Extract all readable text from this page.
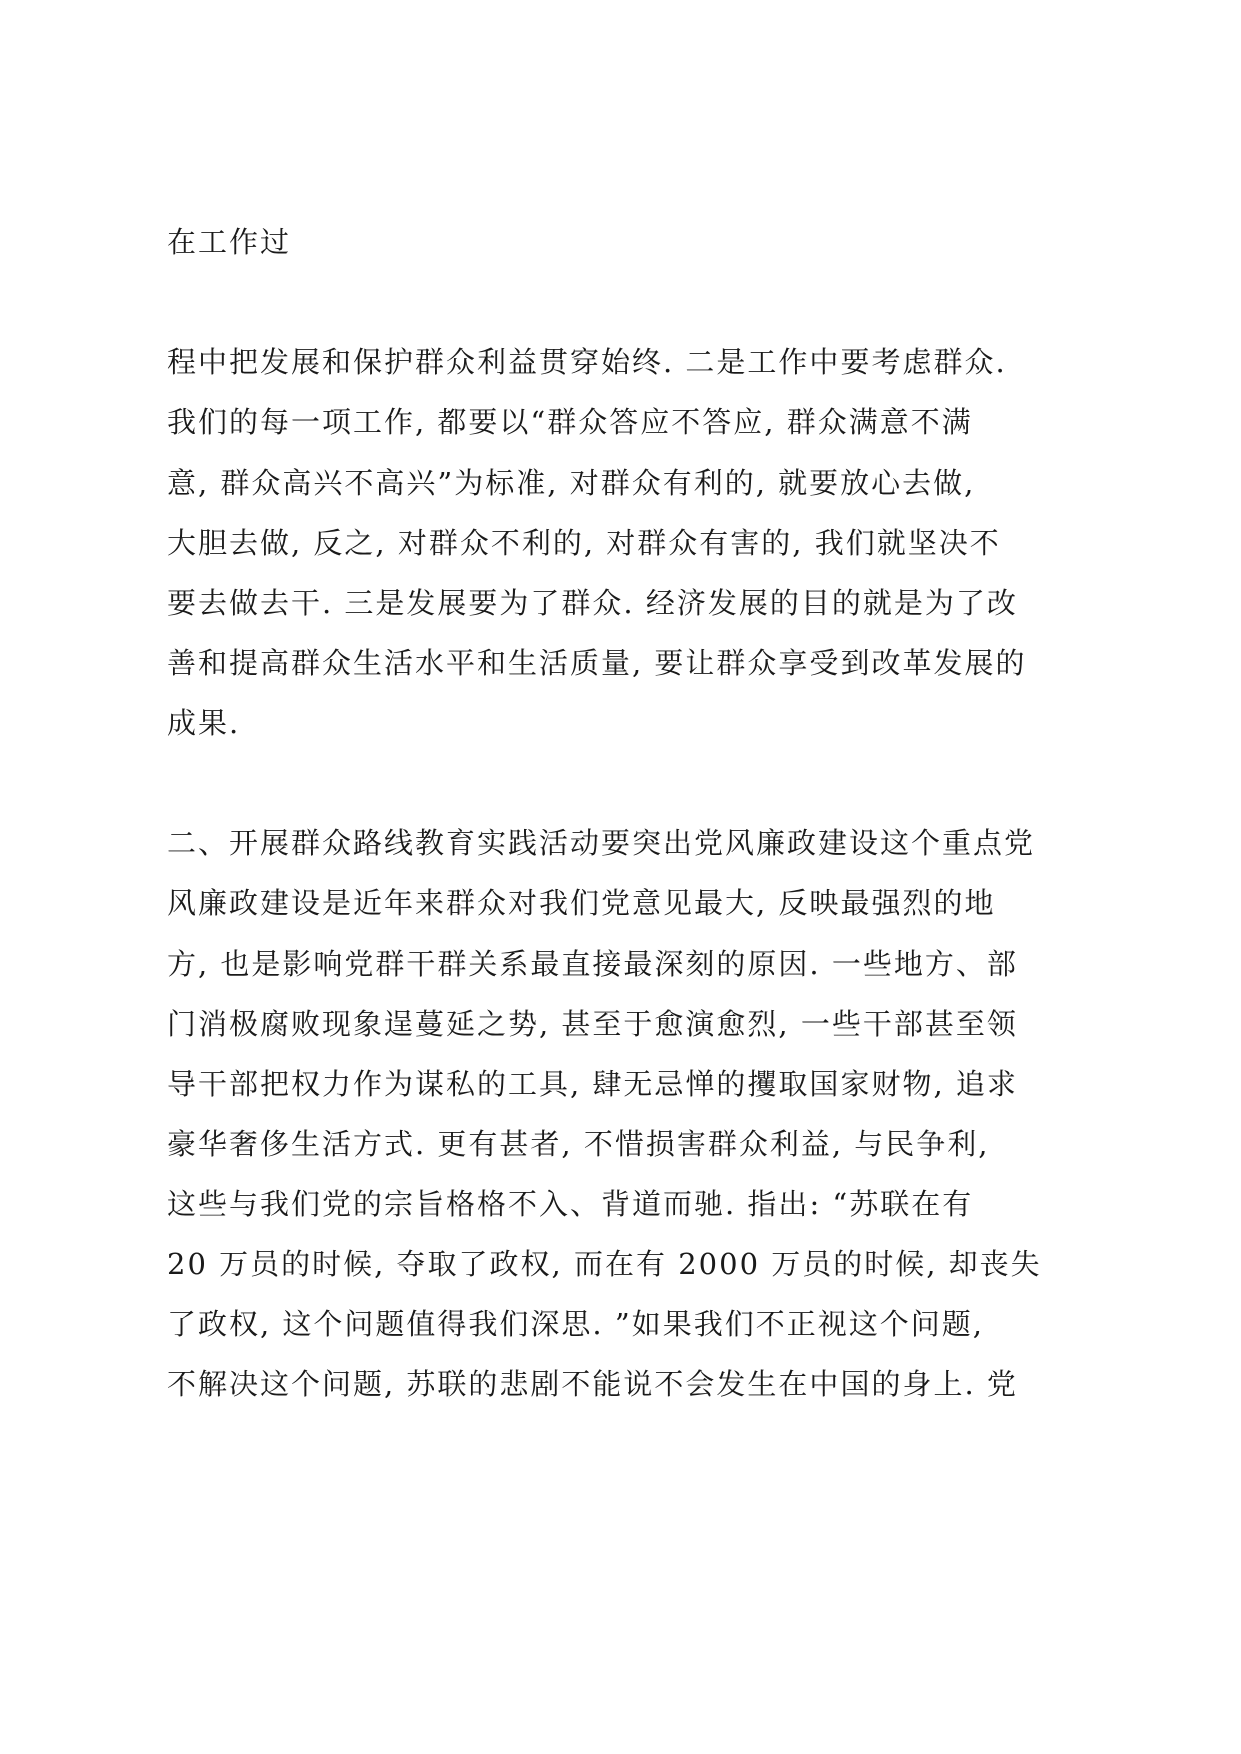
在工作过
程中把发展和保护群众利益贯穿始终. 二是工作中要考虑群众.
我们的每一项工作, 都要以“群众答应不答应, 群众满意不满
意, 群众高兴不高兴”为标准, 对群众有利的, 就要放心去做,
大胆去做, 反之, 对群众不利的, 对群众有害的, 我们就坚决不
要去做去干. 三是发展要为了群众. 经济发展的目的就是为了改
善和提高群众生活水平和生活质量, 要让群众享受到改革发展的
成果.
二、开展群众路线教育实践活动要突出党风廉政建设这个重点党
风廉政建设是近年来群众对我们党意见最大, 反映最强烈的地
方, 也是影响党群干群关系最直接最深刻的原因. 一些地方、部
门消极腐败现象逞蔓延之势, 甚至于愈演愈烈, 一些干部甚至领
导干部把权力作为谋私的工具, 肆无忌惮的攫取国家财物, 追求
豪华奢侈生活方式. 更有甚者, 不惜损害群众利益, 与民争利,
这些与我们党的宗旨格格不入、背道而驰. 指出: “苏联在有
20 万员的时候, 夺取了政权, 而在有 2000 万员的时候, 却丧失
了政权, 这个问题值得我们深思. ”如果我们不正视这个问题,
不解决这个问题, 苏联的悲剧不能说不会发生在中国的身上. 党
